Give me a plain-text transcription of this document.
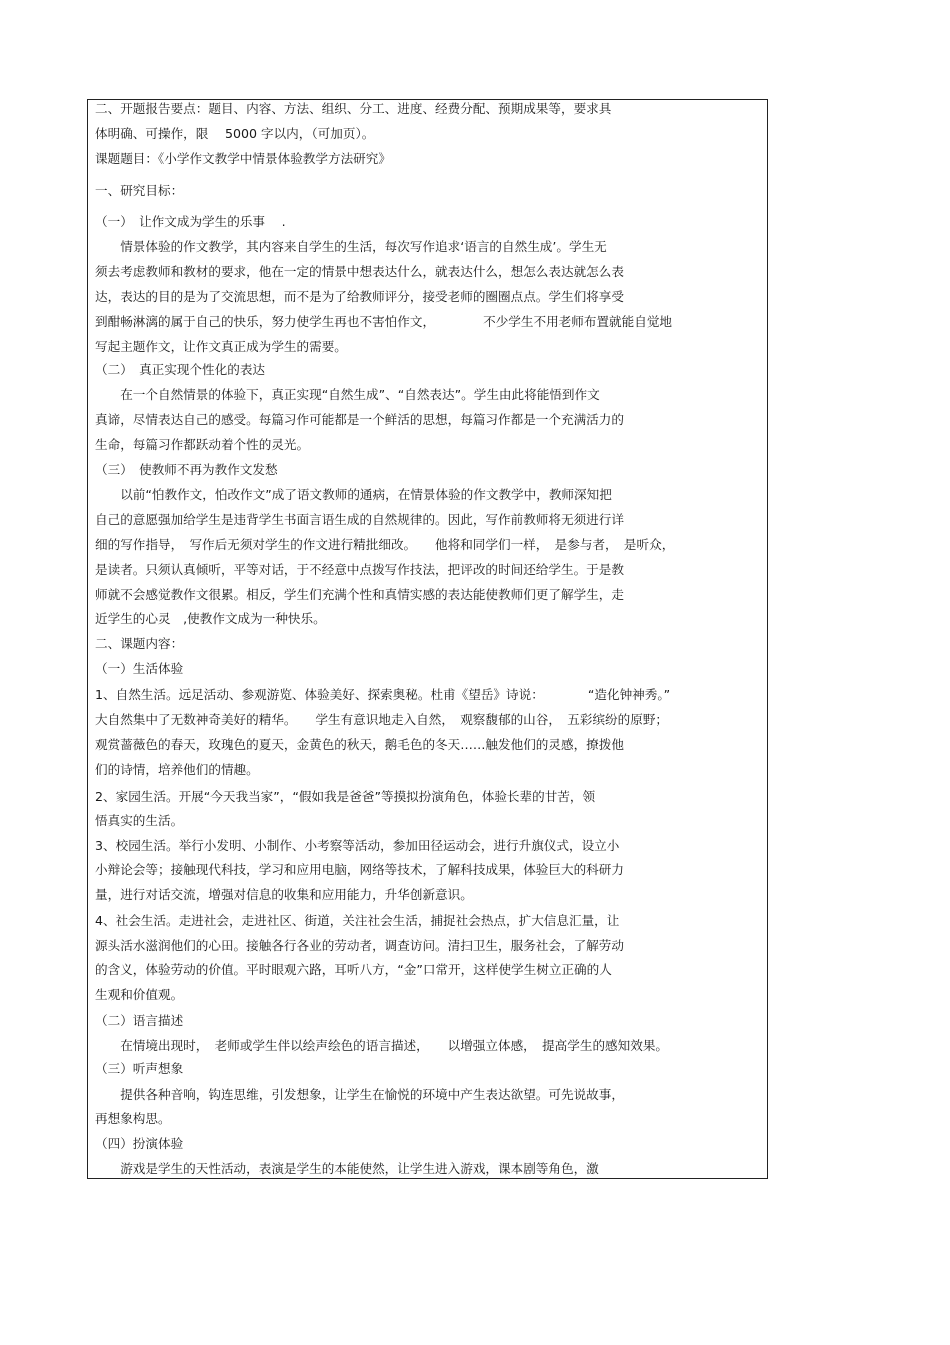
二、开题报告要点：题目、内容、方法、组织、分工、进度、经费分配、预期成果等，要求具
体明确、可操作，限　 5000 字以内，（可加页）。
课题题目：《小学作文教学中情景体验教学方法研究》
一、研究目标：
（一）　让作文成为学生的乐事　 .
　　情景体验的作文教学，其内容来自学生的生活，每次写作追求‘语言的自然生成’。学生无
须去考虑教师和教材的要求，他在一定的情景中想表达什么，就表达什么，想怎么表达就怎么表
达，表达的目的是为了交流思想，而不是为了给教师评分，接受老师的圈圈点点。学生们将享受
到酣畅淋漓的属于自己的快乐，努力使学生再也不害怕作文，　　　　 不少学生不用老师布置就能自觉地
写起主题作文，让作文真正成为学生的需要。
（二）　真正实现个性化的表达
　　在一个自然情景的体验下，真正实现“自然生成”、“自然表达”。学生由此将能悟到作文
真谛，尽情表达自己的感受。每篇习作可能都是一个鲜活的思想，每篇习作都是一个充满活力的
生命，每篇习作都跃动着个性的灵光。
（三）　使教师不再为教作文发愁
　　以前“怕教作文，怕改作文”成了语文教师的通病，在情景体验的作文教学中，教师深知把
自己的意愿强加给学生是违背学生书面言语生成的自然规律的。因此，写作前教师将无须进行详
细的写作指导，　写作后无须对学生的作文进行精批细改。　　他将和同学们一样，　是参与者，　是听众，
是读者。只须认真倾听，平等对话，于不经意中点拨写作技法，把评改的时间还给学生。于是教
师就不会感觉教作文很累。相反，学生们充满个性和真情实感的表达能使教师们更了解学生，走
近学生的心灵　,使教作文成为一种快乐。
二、课题内容：
（一）生活体验
1、自然生活。远足活动、参观游览、体验美好、探索奥秘。杜甫《望岳》诗说：　　　　“造化钟神秀。”
大自然集中了无数神奇美好的精华。　　学生有意识地走入自然，　观察馥郁的山谷，　五彩缤纷的原野；
观赏蔷薇色的春天，玫瑰色的夏天，金黄色的秋天，鹅毛色的冬天……触发他们的灵感，撩拨他
们的诗情，培养他们的情趣。
2、家园生活。开展“今天我当家”，“假如我是爸爸”等摸拟扮演角色，体验长辈的甘苦，领
悟真实的生活。
3、校园生活。举行小发明、小制作、小考察等活动，参加田径运动会，进行升旗仪式，设立小
小辩论会等；接触现代科技，学习和应用电脑，网络等技术，了解科技成果，体验巨大的科研力
量，进行对话交流，增强对信息的收集和应用能力，升华创新意识。
4、社会生活。走进社会，走进社区、街道，关注社会生活，捕捉社会热点，扩大信息汇量，让
源头活水滋润他们的心田。接触各行各业的劳动者，调查访问。清扫卫生，服务社会，了解劳动
的含义，体验劳动的价值。平时眼观六路，耳听八方，“金”口常开，这样使学生树立正确的人
生观和价值观。
（二）语言描述
　　在情境出现时，　老师或学生伴以绘声绘色的语言描述，　　以增强立体感，　提高学生的感知效果。
（三）听声想象
　　提供各种音响，钩连思维，引发想象，让学生在愉悦的环境中产生表达欲望。可先说故事，
再想象构思。
（四）扮演体验
　　游戏是学生的天性活动，表演是学生的本能使然，让学生进入游戏，课本剧等角色，激
